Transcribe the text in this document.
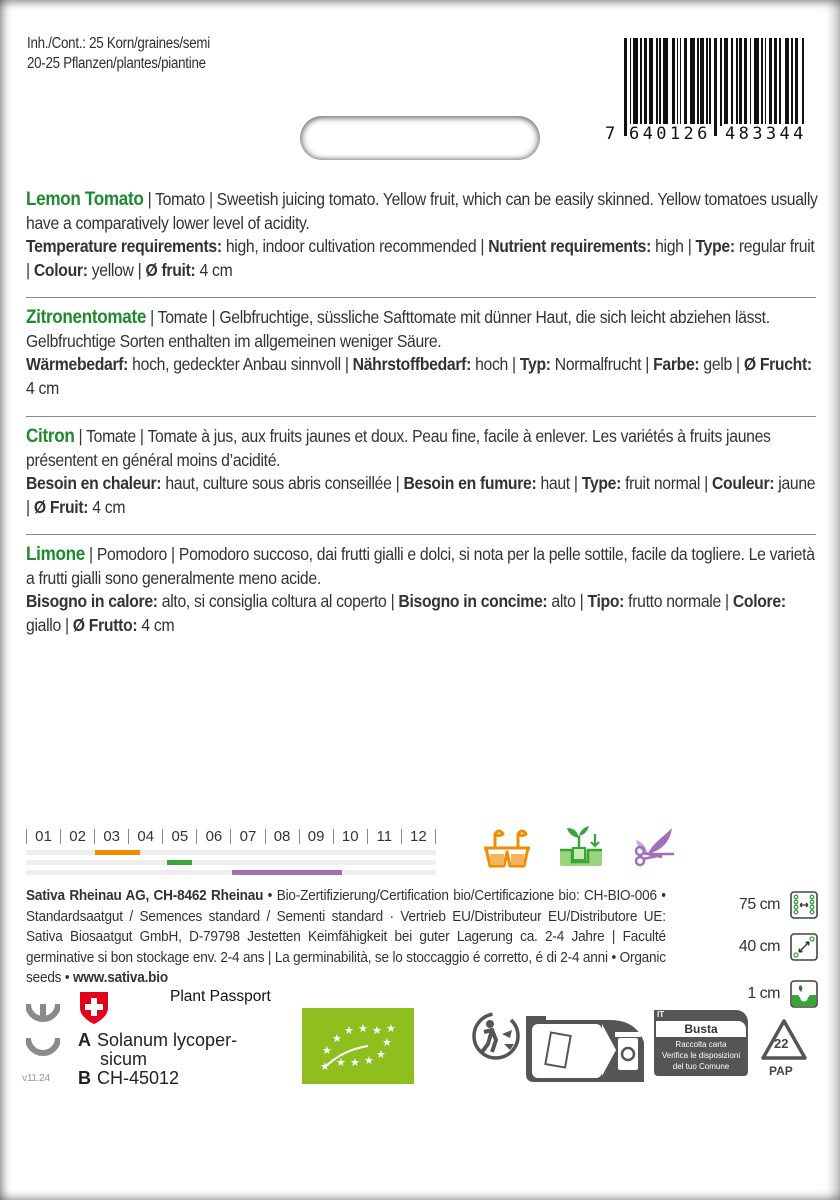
Inh./Cont.: 25 Korn/graines/semi
20-25 Pflanzen/plantes/piantine
7 640126 483344
Lemon Tomato | Tomato | Sweetish juicing tomato. Yellow fruit, which can be easily skinned. Yellow tomatoes usually have a comparatively lower level of acidity.
Temperature requirements: high, indoor cultivation recommended | Nutrient requirements: high | Type: regular fruit | Colour: yellow | Ø fruit: 4 cm
Zitronentomate | Tomate | Gelbfruchtige, süssliche Safttomate mit dünner Haut, die sich leicht abziehen lässt. Gelbfruchtige Sorten enthalten im allgemeinen weniger Säure.
Wärmebedarf: hoch, gedeckter Anbau sinnvoll | Nährstoffbedarf: hoch | Typ: Normalfrucht | Farbe: gelb | Ø Frucht: 4 cm
Citron | Tomate | Tomate à jus, aux fruits jaunes et doux. Peau fine, facile à enlever. Les variétés à fruits jaunes présentent en général moins d’acidité.
Besoin en chaleur: haut, culture sous abris conseillée | Besoin en fumure: haut | Type: fruit normal | Couleur: jaune | Ø Fruit: 4 cm
Limone | Pomodoro | Pomodoro succoso, dai frutti gialli e dolci, si nota per la pelle sottile, facile da togliere. Le varietà a frutti gialli sono generalmente meno acide.
Bisogno in calore: alto, si consiglia coltura al coperto | Bisogno in concime: alto | Tipo: frutto normale | Colore: giallo | Ø Frutto: 4 cm
01	02	03	04	05	06	07	08	09	10	11	12
Sativa Rheinau AG, CH-8462 Rheinau • Bio-Zertifizierung/Certification bio/Certificazione bio: CH-BIO-006 • Standardsaatgut / Semences standard / Sementi standard · Vertrieb EU/Distributeur EU/Distributore UE: Sativa Biosaatgut GmbH, D-79798 Jestetten Keimfähigkeit bei guter Lagerung ca. 2-4 Jahre | Faculté germinative si bon stockage env. 2-4 ans | La germinabilità, se lo stoccaggio é corretto, é di 2-4 anni • Organic seeds • www.sativa.bio
75 cm
40 cm
1 cm
Plant Passport
A Solanum lycoper-
sicum
B CH-45012
v11.24
★
★ ★ ★ ★
★
★
★
★
★
★
★
FR CH DE	IT
Busta
Raccolta carta
Verifica le disposizioni
del tuo Comune
22
PAP
